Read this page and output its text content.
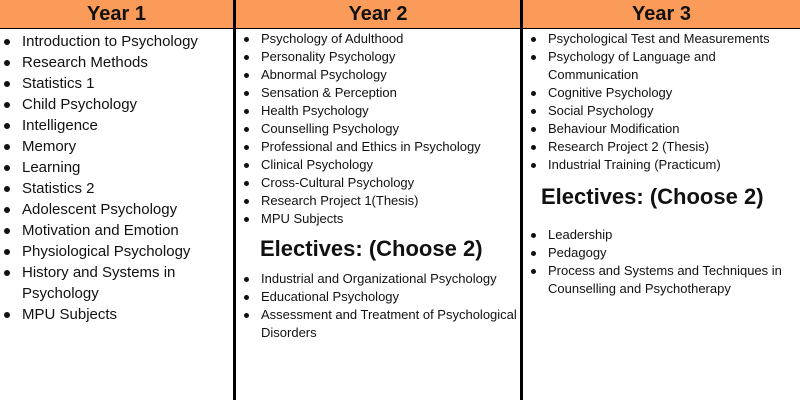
Year 1
Introduction to Psychology
Research Methods
Statistics 1
Child Psychology
Intelligence
Memory
Learning
Statistics 2
Adolescent Psychology
Motivation and Emotion
Physiological Psychology
History and Systems in Psychology
MPU Subjects
Year 2
Psychology of Adulthood
Personality Psychology
Abnormal Psychology
Sensation & Perception
Health Psychology
Counselling Psychology
Professional and Ethics in Psychology
Clinical Psychology
Cross-Cultural Psychology
Research Project 1(Thesis)
MPU Subjects
Electives: (Choose 2)
Industrial and Organizational Psychology
Educational Psychology
Assessment and Treatment of Psychological Disorders
Year 3
Psychological Test and Measurements
Psychology of Language and Communication
Cognitive Psychology
Social Psychology
Behaviour Modification
Research Project 2 (Thesis)
Industrial Training (Practicum)
Electives: (Choose 2)
Leadership
Pedagogy
Process and Systems and Techniques in Counselling and Psychotherapy
